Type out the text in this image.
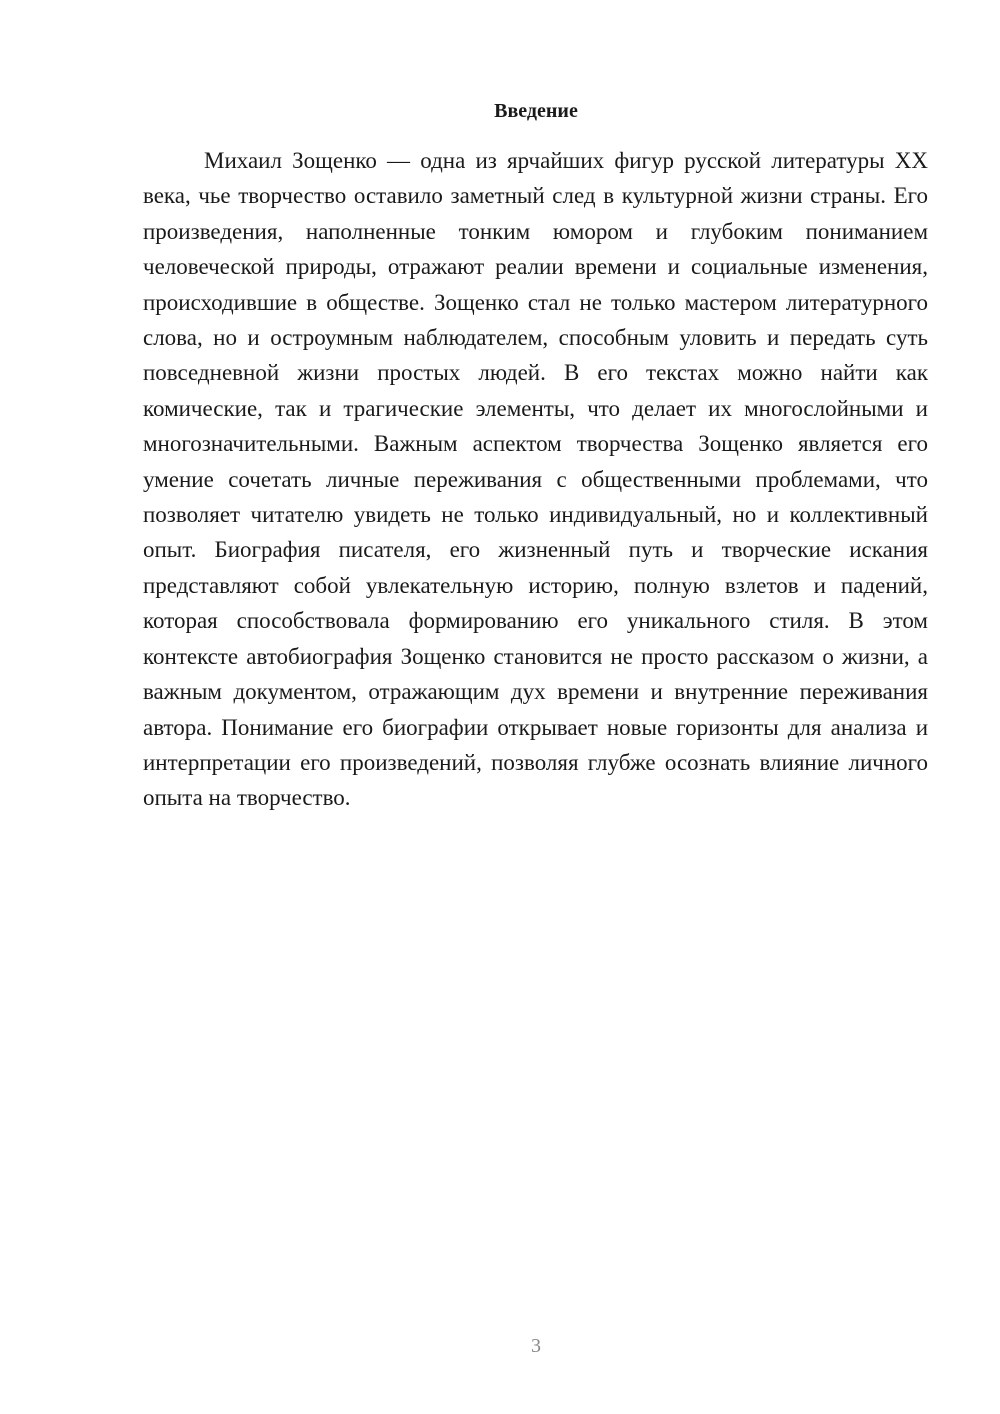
Введение

Михаил Зощенко — одна из ярчайших фигур русской литературы XX века, чье творчество оставило заметный след в культурной жизни страны. Его произведения, наполненные тонким юмором и глубоким пониманием человеческой природы, отражают реалии времени и социальные изменения, происходившие в обществе. Зощенко стал не только мастером литературного слова, но и остроумным наблюдателем, способным уловить и передать суть повседневной жизни простых людей. В его текстах можно найти как комические, так и трагические элементы, что делает их многослойными и многозначительными. Важным аспектом творчества Зощенко является его умение сочетать личные переживания с общественными проблемами, что позволяет читателю увидеть не только индивидуальный, но и коллективный опыт. Биография писателя, его жизненный путь и творческие искания представляют собой увлекательную историю, полную взлетов и падений, которая способствовала формированию его уникального стиля. В этом контексте автобиография Зощенко становится не просто рассказом о жизни, а важным документом, отражающим дух времени и внутренние переживания автора. Понимание его биографии открывает новые горизонты для анализа и интерпретации его произведений, позволяя глубже осознать влияние личного опыта на творчество.

3
